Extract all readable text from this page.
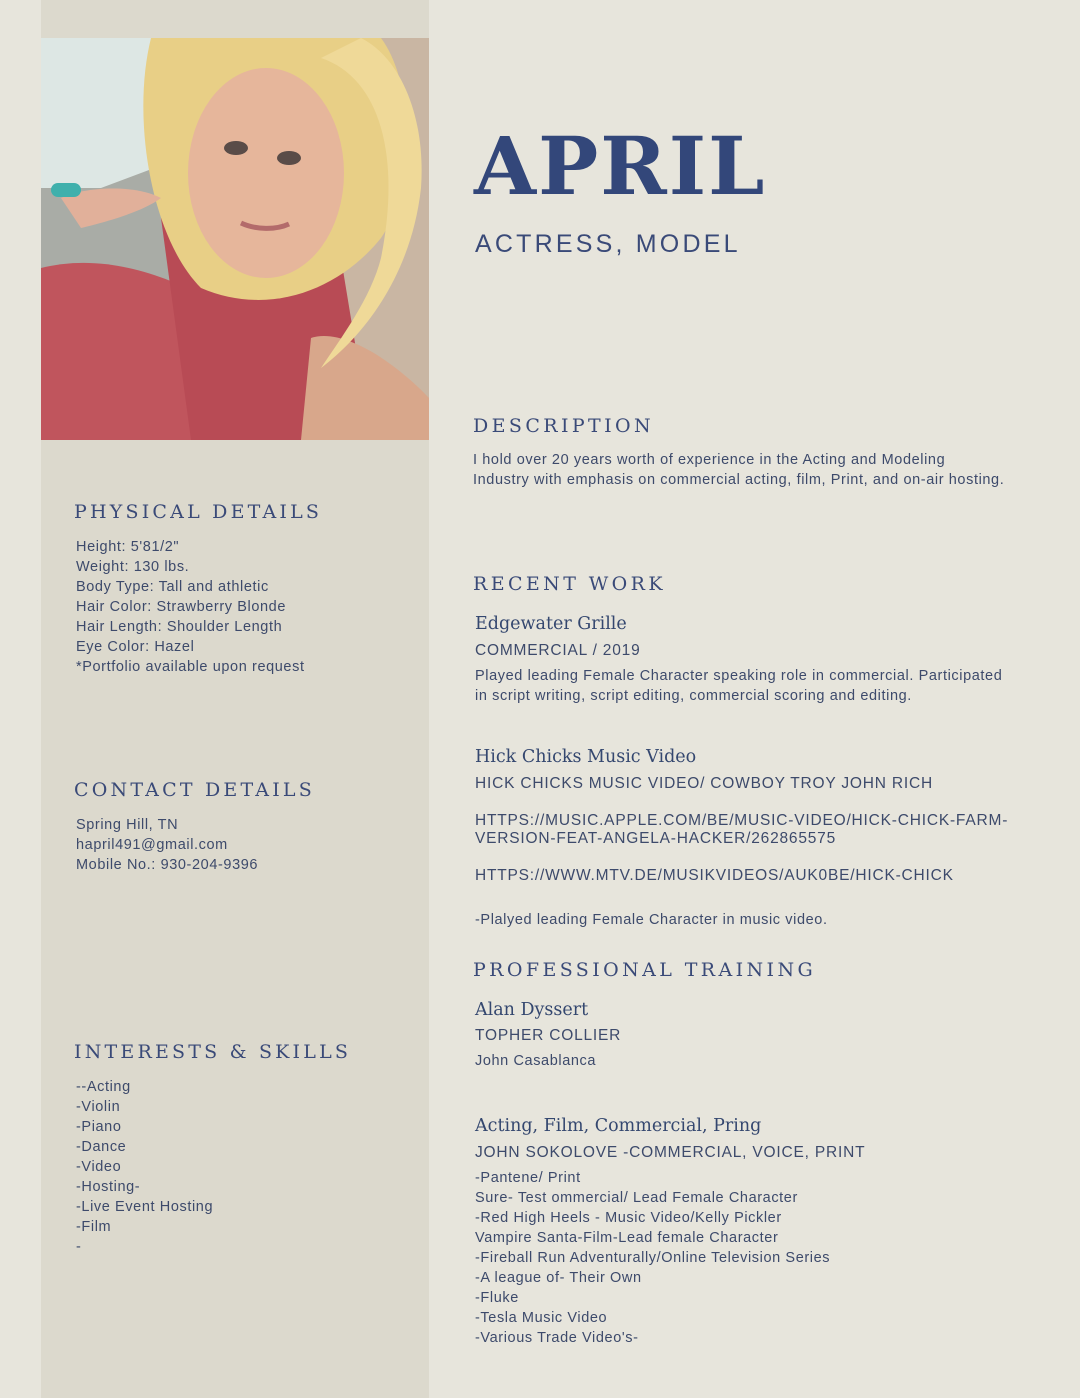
PHYSICAL DETAILS
Height: 5'81/2"
Weight: 130 lbs.
Body Type: Tall and athletic
Hair Color: Strawberry Blonde
Hair Length: Shoulder Length
Eye Color: Hazel
*Portfolio available upon request
CONTACT DETAILS
Spring Hill, TN
hapril491@gmail.com
Mobile No.: 930-204-9396
INTERESTS & SKILLS
--Acting
-Violin
-Piano
-Dance
-Video
-Hosting-
-Live Event Hosting
-Film
-
APRIL
ACTRESS, MODEL
DESCRIPTION
I hold over 20 years worth of experience in the Acting and Modeling
Industry with emphasis on commercial acting, film, Print, and on-air hosting.
RECENT WORK
Edgewater Grille
COMMERCIAL / 2019
Played leading Female Character speaking role in commercial. Participated
in script writing, script editing, commercial scoring and editing.
Hick Chicks Music Video
HICK CHICKS MUSIC VIDEO/ COWBOY TROY JOHN RICH
HTTPS://MUSIC.APPLE.COM/BE/MUSIC-VIDEO/HICK-CHICK-FARM-
VERSION-FEAT-ANGELA-HACKER/262865575
HTTPS://WWW.MTV.DE/MUSIKVIDEOS/AUK0BE/HICK-CHICK
-Plalyed leading Female Character in music video.
PROFESSIONAL TRAINING
Alan Dyssert
TOPHER COLLIER
John Casablanca
Acting, Film, Commercial, Pring
JOHN SOKOLOVE -COMMERCIAL, VOICE, PRINT
-Pantene/ Print
Sure- Test ommercial/ Lead Female Character
-Red High Heels - Music Video/Kelly Pickler
Vampire Santa-Film-Lead female Character
-Fireball Run Adventurally/Online Television Series
-A league of- Their Own
-Fluke
-Tesla Music Video
-Various Trade Video's-
